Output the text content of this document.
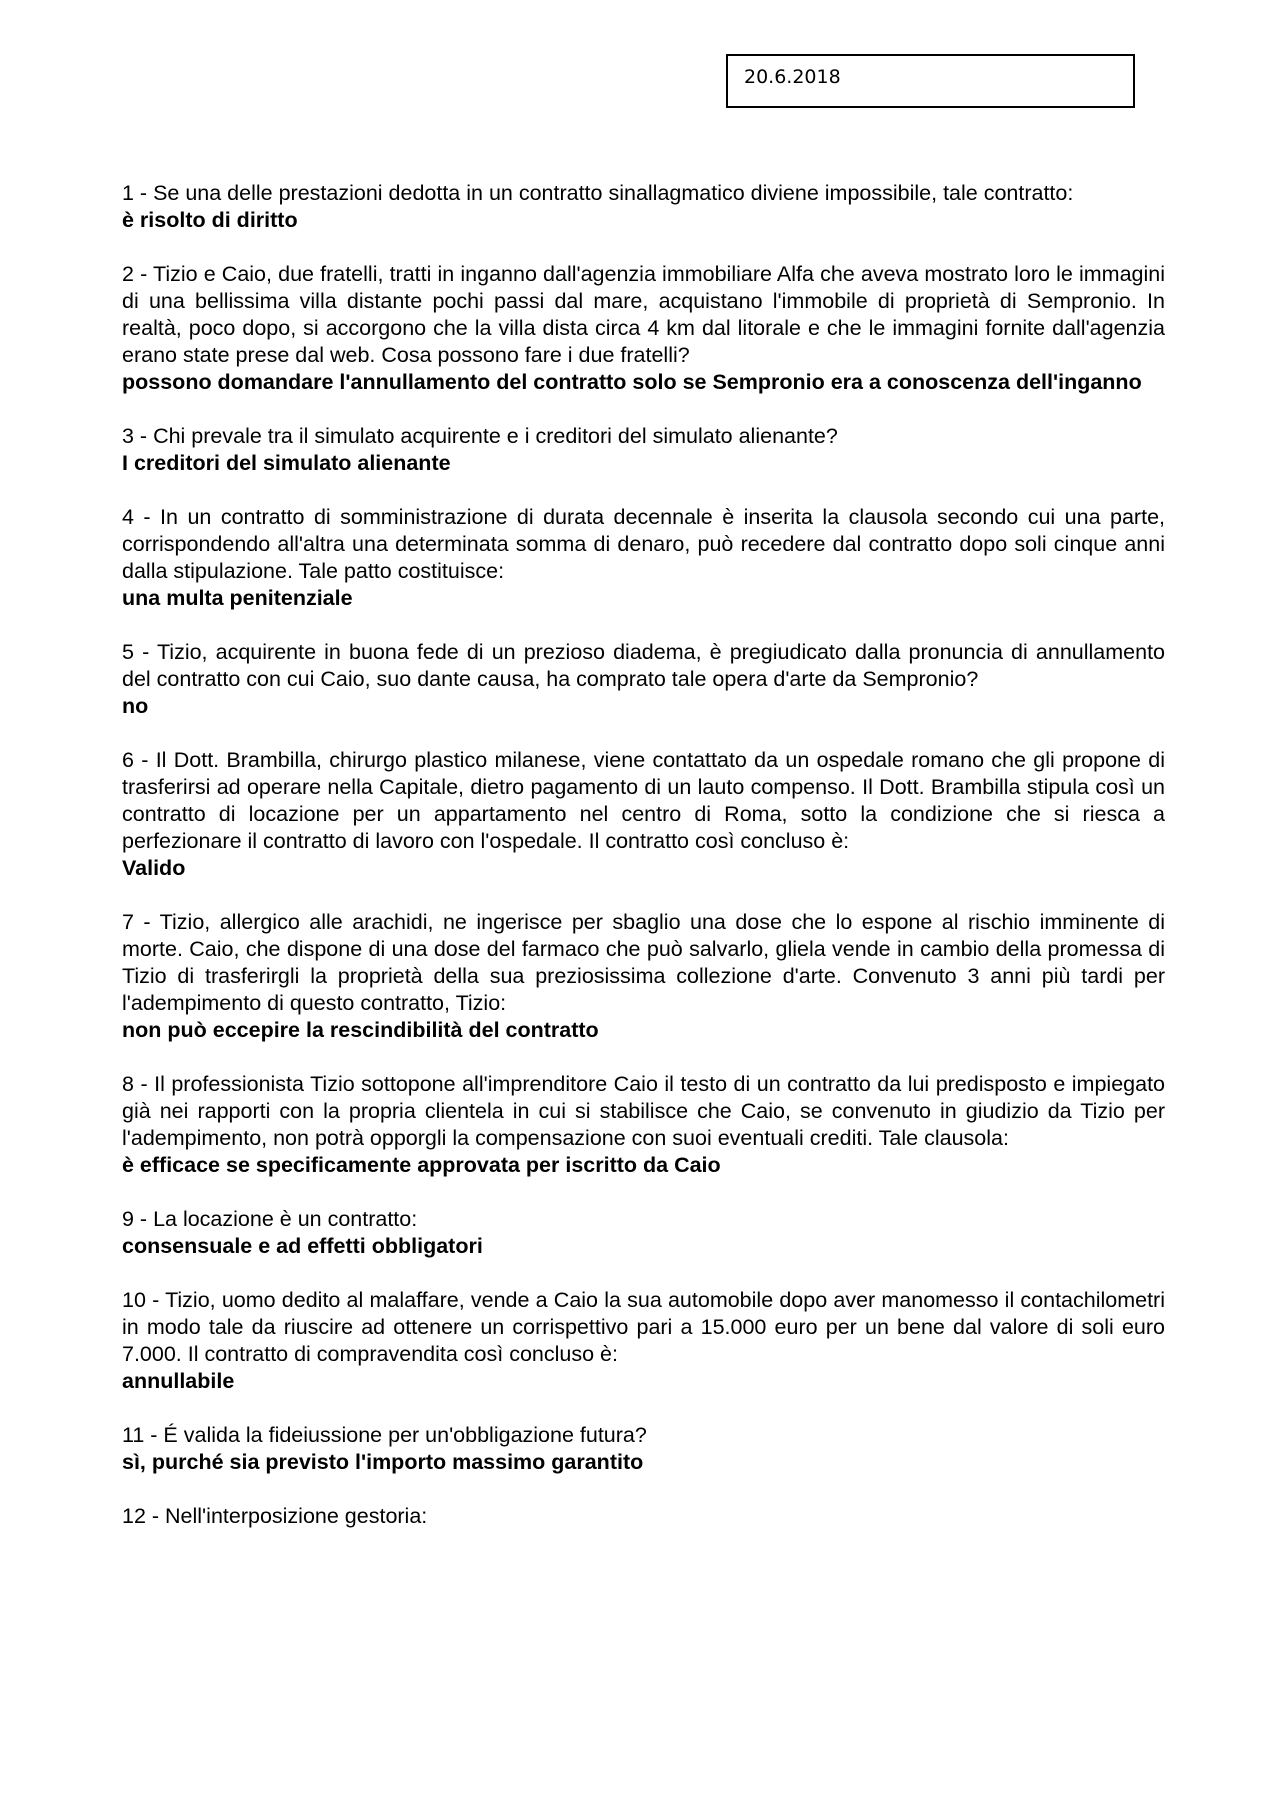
20.6.2018

1 - Se una delle prestazioni dedotta in un contratto sinallagmatico diviene impossibile, tale contratto:

è risolto di diritto

2 - Tizio e Caio, due fratelli, tratti in inganno dall'agenzia immobiliare Alfa che aveva mostrato loro le immagini di una bellissima villa distante pochi passi dal mare, acquistano l'immobile di proprietà di Sempronio. In realtà, poco dopo, si accorgono che la villa dista circa 4 km dal litorale e che le immagini fornite dall'agenzia erano state prese dal web. Cosa possono fare i due fratelli?

possono domandare l'annullamento del contratto solo se Sempronio era a conoscenza dell'inganno

3 - Chi prevale tra il simulato acquirente e i creditori del simulato alienante?

I creditori del simulato alienante

4 - In un contratto di somministrazione di durata decennale è inserita la clausola secondo cui una parte, corrispondendo all'altra una determinata somma di denaro, può recedere dal contratto dopo soli cinque anni dalla stipulazione. Tale patto costituisce:

una multa penitenziale

5 - Tizio, acquirente in buona fede di un prezioso diadema, è pregiudicato dalla pronuncia di annullamento del contratto con cui Caio, suo dante causa, ha comprato tale opera d'arte da Sempronio?

no

6 - Il Dott. Brambilla, chirurgo plastico milanese, viene contattato da un ospedale romano che gli propone di trasferirsi ad operare nella Capitale, dietro pagamento di un lauto compenso. Il Dott. Brambilla stipula così un contratto di locazione per un appartamento nel centro di Roma, sotto la condizione che si riesca a perfezionare il contratto di lavoro con l'ospedale. Il contratto così concluso è:

Valido

7 - Tizio, allergico alle arachidi, ne ingerisce per sbaglio una dose che lo espone al rischio imminente di morte. Caio, che dispone di una dose del farmaco che può salvarlo, gliela vende in cambio della promessa di Tizio di trasferirgli la proprietà della sua preziosissima collezione d'arte. Convenuto 3 anni più tardi per l'adempimento di questo contratto, Tizio:

non può eccepire la rescindibilità del contratto

8 - Il professionista Tizio sottopone all'imprenditore Caio il testo di un contratto da lui predisposto e impiegato già nei rapporti con la propria clientela in cui si stabilisce che Caio, se convenuto in giudizio da Tizio per l'adempimento, non potrà opporgli la compensazione con suoi eventuali crediti. Tale clausola:

è efficace se specificamente approvata per iscritto da Caio

9 - La locazione è un contratto:

consensuale e ad effetti obbligatori

10 - Tizio, uomo dedito al malaffare, vende a Caio la sua automobile dopo aver manomesso il contachilometri in modo tale da riuscire ad ottenere un corrispettivo pari a 15.000 euro per un bene dal valore di soli euro 7.000. Il contratto di compravendita così concluso è:

annullabile

11 - É valida la fideiussione per un'obbligazione futura?

sì, purché sia previsto l'importo massimo garantito

12 - Nell'interposizione gestoria:
